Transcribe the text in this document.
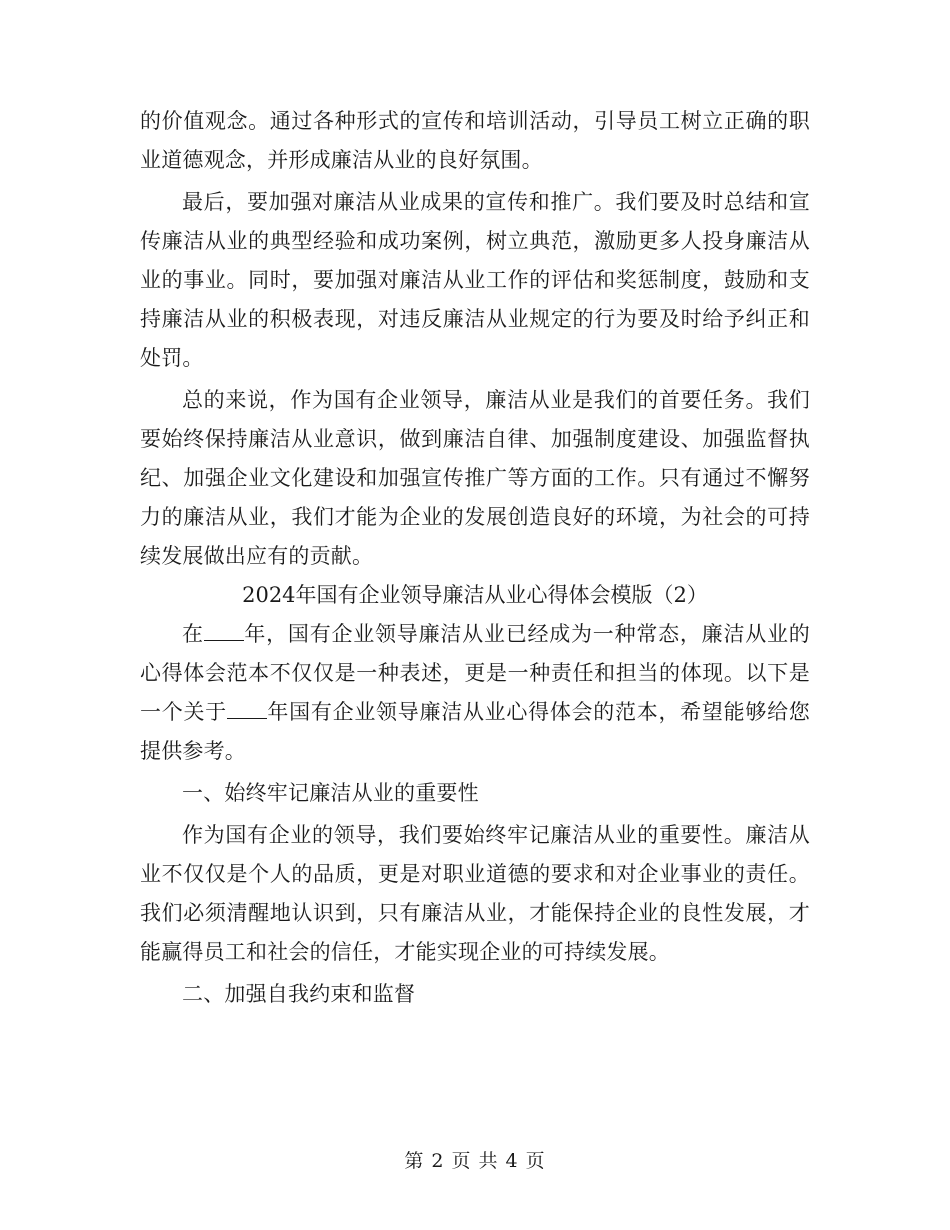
的价值观念。通过各种形式的宣传和培训活动，引导员工树立正确的职业道德观念，并形成廉洁从业的良好氛围。

最后，要加强对廉洁从业成果的宣传和推广。我们要及时总结和宣传廉洁从业的典型经验和成功案例，树立典范，激励更多人投身廉洁从业的事业。同时，要加强对廉洁从业工作的评估和奖惩制度，鼓励和支持廉洁从业的积极表现，对违反廉洁从业规定的行为要及时给予纠正和处罚。

总的来说，作为国有企业领导，廉洁从业是我们的首要任务。我们要始终保持廉洁从业意识，做到廉洁自律、加强制度建设、加强监督执纪、加强企业文化建设和加强宣传推广等方面的工作。只有通过不懈努力的廉洁从业，我们才能为企业的发展创造良好的环境，为社会的可持续发展做出应有的贡献。

2024年国有企业领导廉洁从业心得体会模版（2）

在 年，国有企业领导廉洁从业已经成为一种常态，廉洁从业的心得体会范本不仅仅是一种表述，更是一种责任和担当的体现。以下是一个关于 年国有企业领导廉洁从业心得体会的范本，希望能够给您提供参考。

一、始终牢记廉洁从业的重要性

作为国有企业的领导，我们要始终牢记廉洁从业的重要性。廉洁从业不仅仅是个人的品质，更是对职业道德的要求和对企业事业的责任。我们必须清醒地认识到，只有廉洁从业，才能保持企业的良性发展，才能赢得员工和社会的信任，才能实现企业的可持续发展。

二、加强自我约束和监督

第 2 页 共 4 页
